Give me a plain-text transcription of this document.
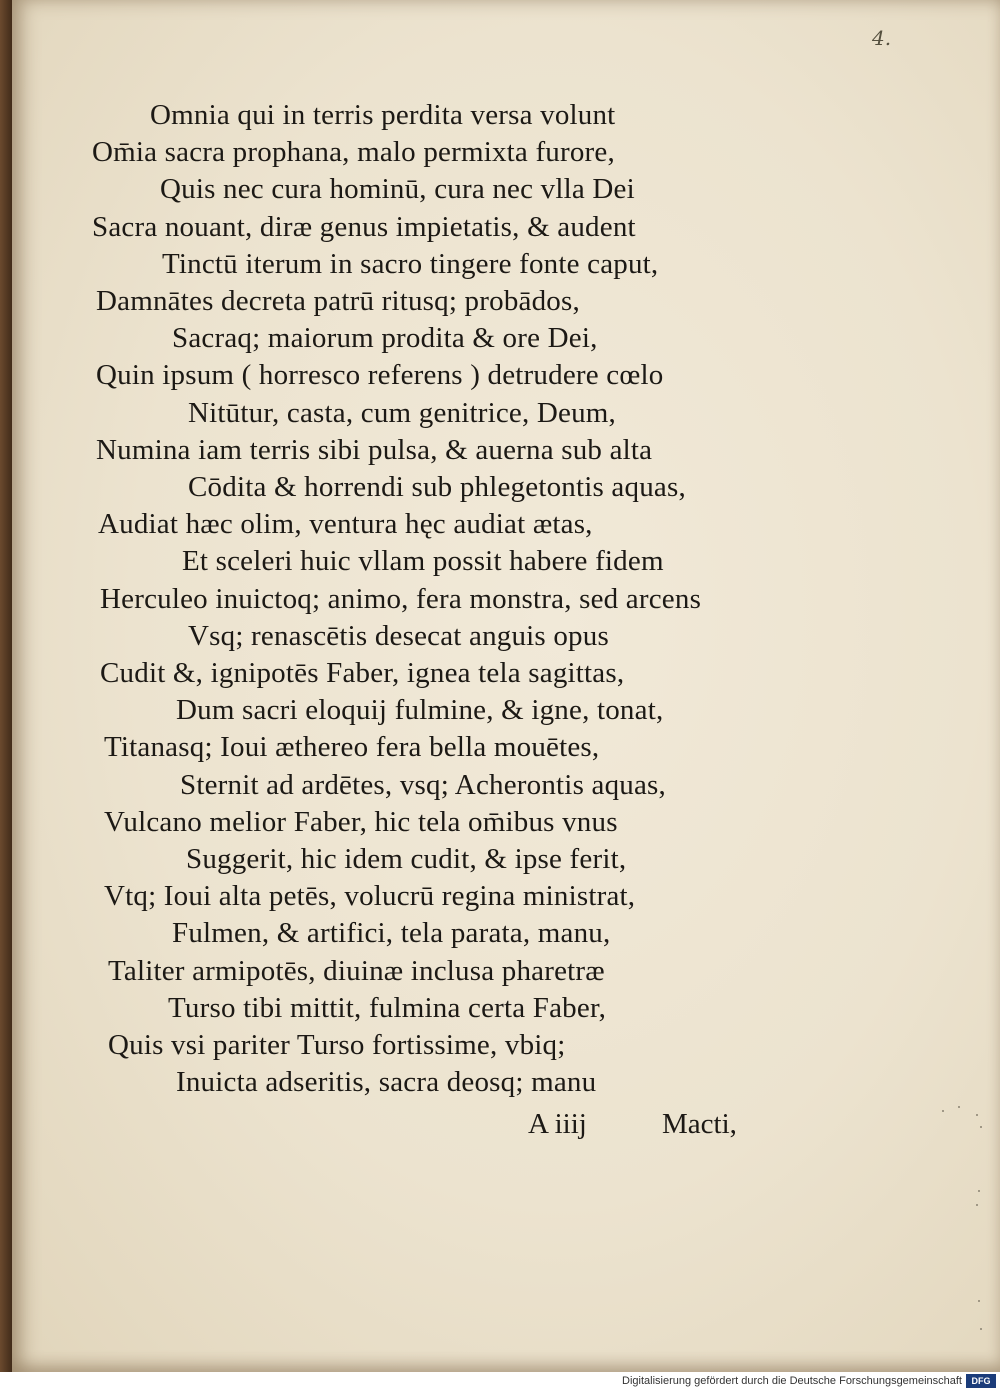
4.
Omnia qui in terris perdita versa volunt
Om̄ia sacra prophana, malo permixta furore,
Quis nec cura hominū, cura nec vlla Dei
Sacra nouant, diræ genus impietatis, & audent
Tinctū iterum in sacro tingere fonte caput,
Damnātes decreta patrū ritusq; probādos,
Sacraq; maiorum prodita & ore Dei,
Quin ipsum ( horresco referens ) detrudere cœlo
Nitūtur, casta, cum genitrice, Deum,
Numina iam terris sibi pulsa, & auerna sub alta
Cōdita & horrendi sub phlegetontis aquas,
Audiat hæc olim, ventura hęc audiat ætas,
Et sceleri huic vllam possit habere fidem
Herculeo inuictoq; animo, fera monstra, sed arcens
Vsq; renascētis desecat anguis opus
Cudit &, ignipotēs Faber, ignea tela sagittas,
Dum sacri eloquij fulmine, & igne, tonat,
Titanasq; Ioui æthereo fera bella mouētes,
Sternit ad ardētes, vsq; Acherontis aquas,
Vulcano melior Faber, hic tela om̄ibus vnus
Suggerit, hic idem cudit, & ipse ferit,
Vtq; Ioui alta petēs, volucrū regina ministrat,
Fulmen, & artifici, tela parata, manu,
Taliter armipotēs, diuinæ inclusa pharetræ
Turso tibi mittit, fulmina certa Faber,
Quis vsi pariter Turso fortissime, vbiq;
Inuicta adseritis, sacra deosq; manu
A iiij	Macti,
Digitalisierung gefördert durch die Deutsche Forschungsgemeinschaft	DFG
